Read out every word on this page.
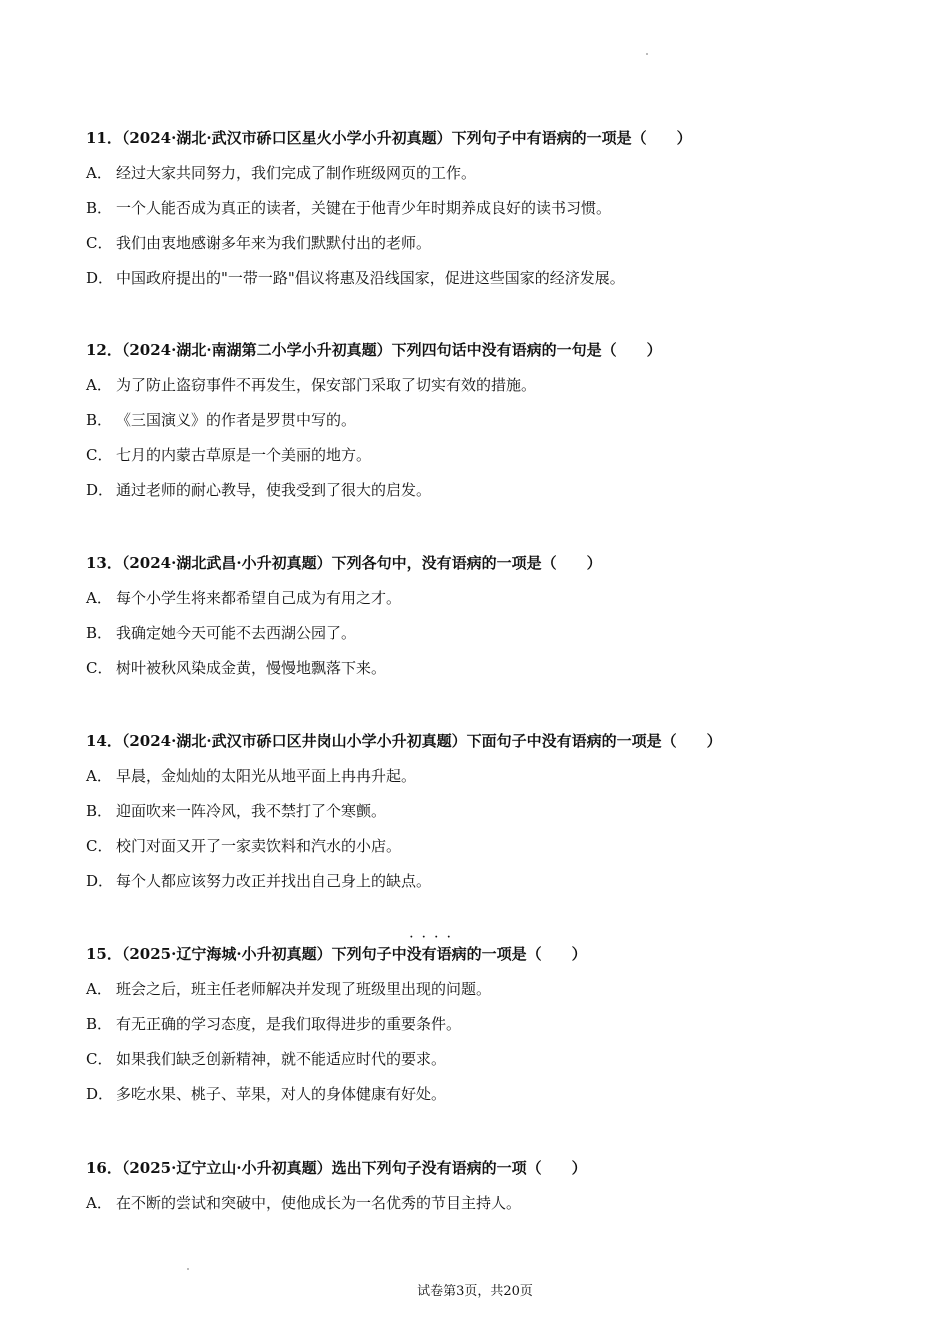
11．（2024·湖北·武汉市硚口区星火小学小升初真题）下列句子中有语病的一项是（　　）
A． 经过大家共同努力，我们完成了制作班级网页的工作。
B． 一个人能否成为真正的读者，关键在于他青少年时期养成良好的读书习惯。
C． 我们由衷地感谢多年来为我们默默付出的老师。
D． 中国政府提出的"一带一路"倡议将惠及沿线国家，促进这些国家的经济发展。
12．（2024·湖北·南湖第二小学小升初真题）下列四句话中没有语病的一句是（　　）
A． 为了防止盗窃事件不再发生，保安部门采取了切实有效的措施。
B． 《三国演义》的作者是罗贯中写的。
C． 七月的内蒙古草原是一个美丽的地方。
D． 通过老师的耐心教导，使我受到了很大的启发。
13．（2024·湖北武昌·小升初真题）下列各句中，没有语病的一项是（　　）
A． 每个小学生将来都希望自己成为有用之才。
B． 我确定她今天可能不去西湖公园了。
C． 树叶被秋风染成金黄，慢慢地飘落下来。
14．（2024·湖北·武汉市硚口区井岗山小学小升初真题）下面句子中没有语病的一项是（　　）
A． 早晨，金灿灿的太阳光从地平面上冉冉升起。
B． 迎面吹来一阵冷风，我不禁打了个寒颤。
C． 校门对面又开了一家卖饮料和汽水的小店。
D． 每个人都应该努力改正并找出自己身上的缺点。
15．（2025·辽宁海城·小升初真题）下列句子中
····
没有语病的一项是（　　）
A． 班会之后，班主任老师解决并发现了班级里出现的问题。
B． 有无正确的学习态度，是我们取得进步的重要条件。
C． 如果我们缺乏创新精神，就不能适应时代的要求。
D． 多吃水果、桃子、苹果，对人的身体健康有好处。
16．（2025·辽宁立山·小升初真题）选出下列句子没有语病的一项（　　）
A． 在不断的尝试和突破中，使他成长为一名优秀的节目主持人。
试卷第3页，共20页
